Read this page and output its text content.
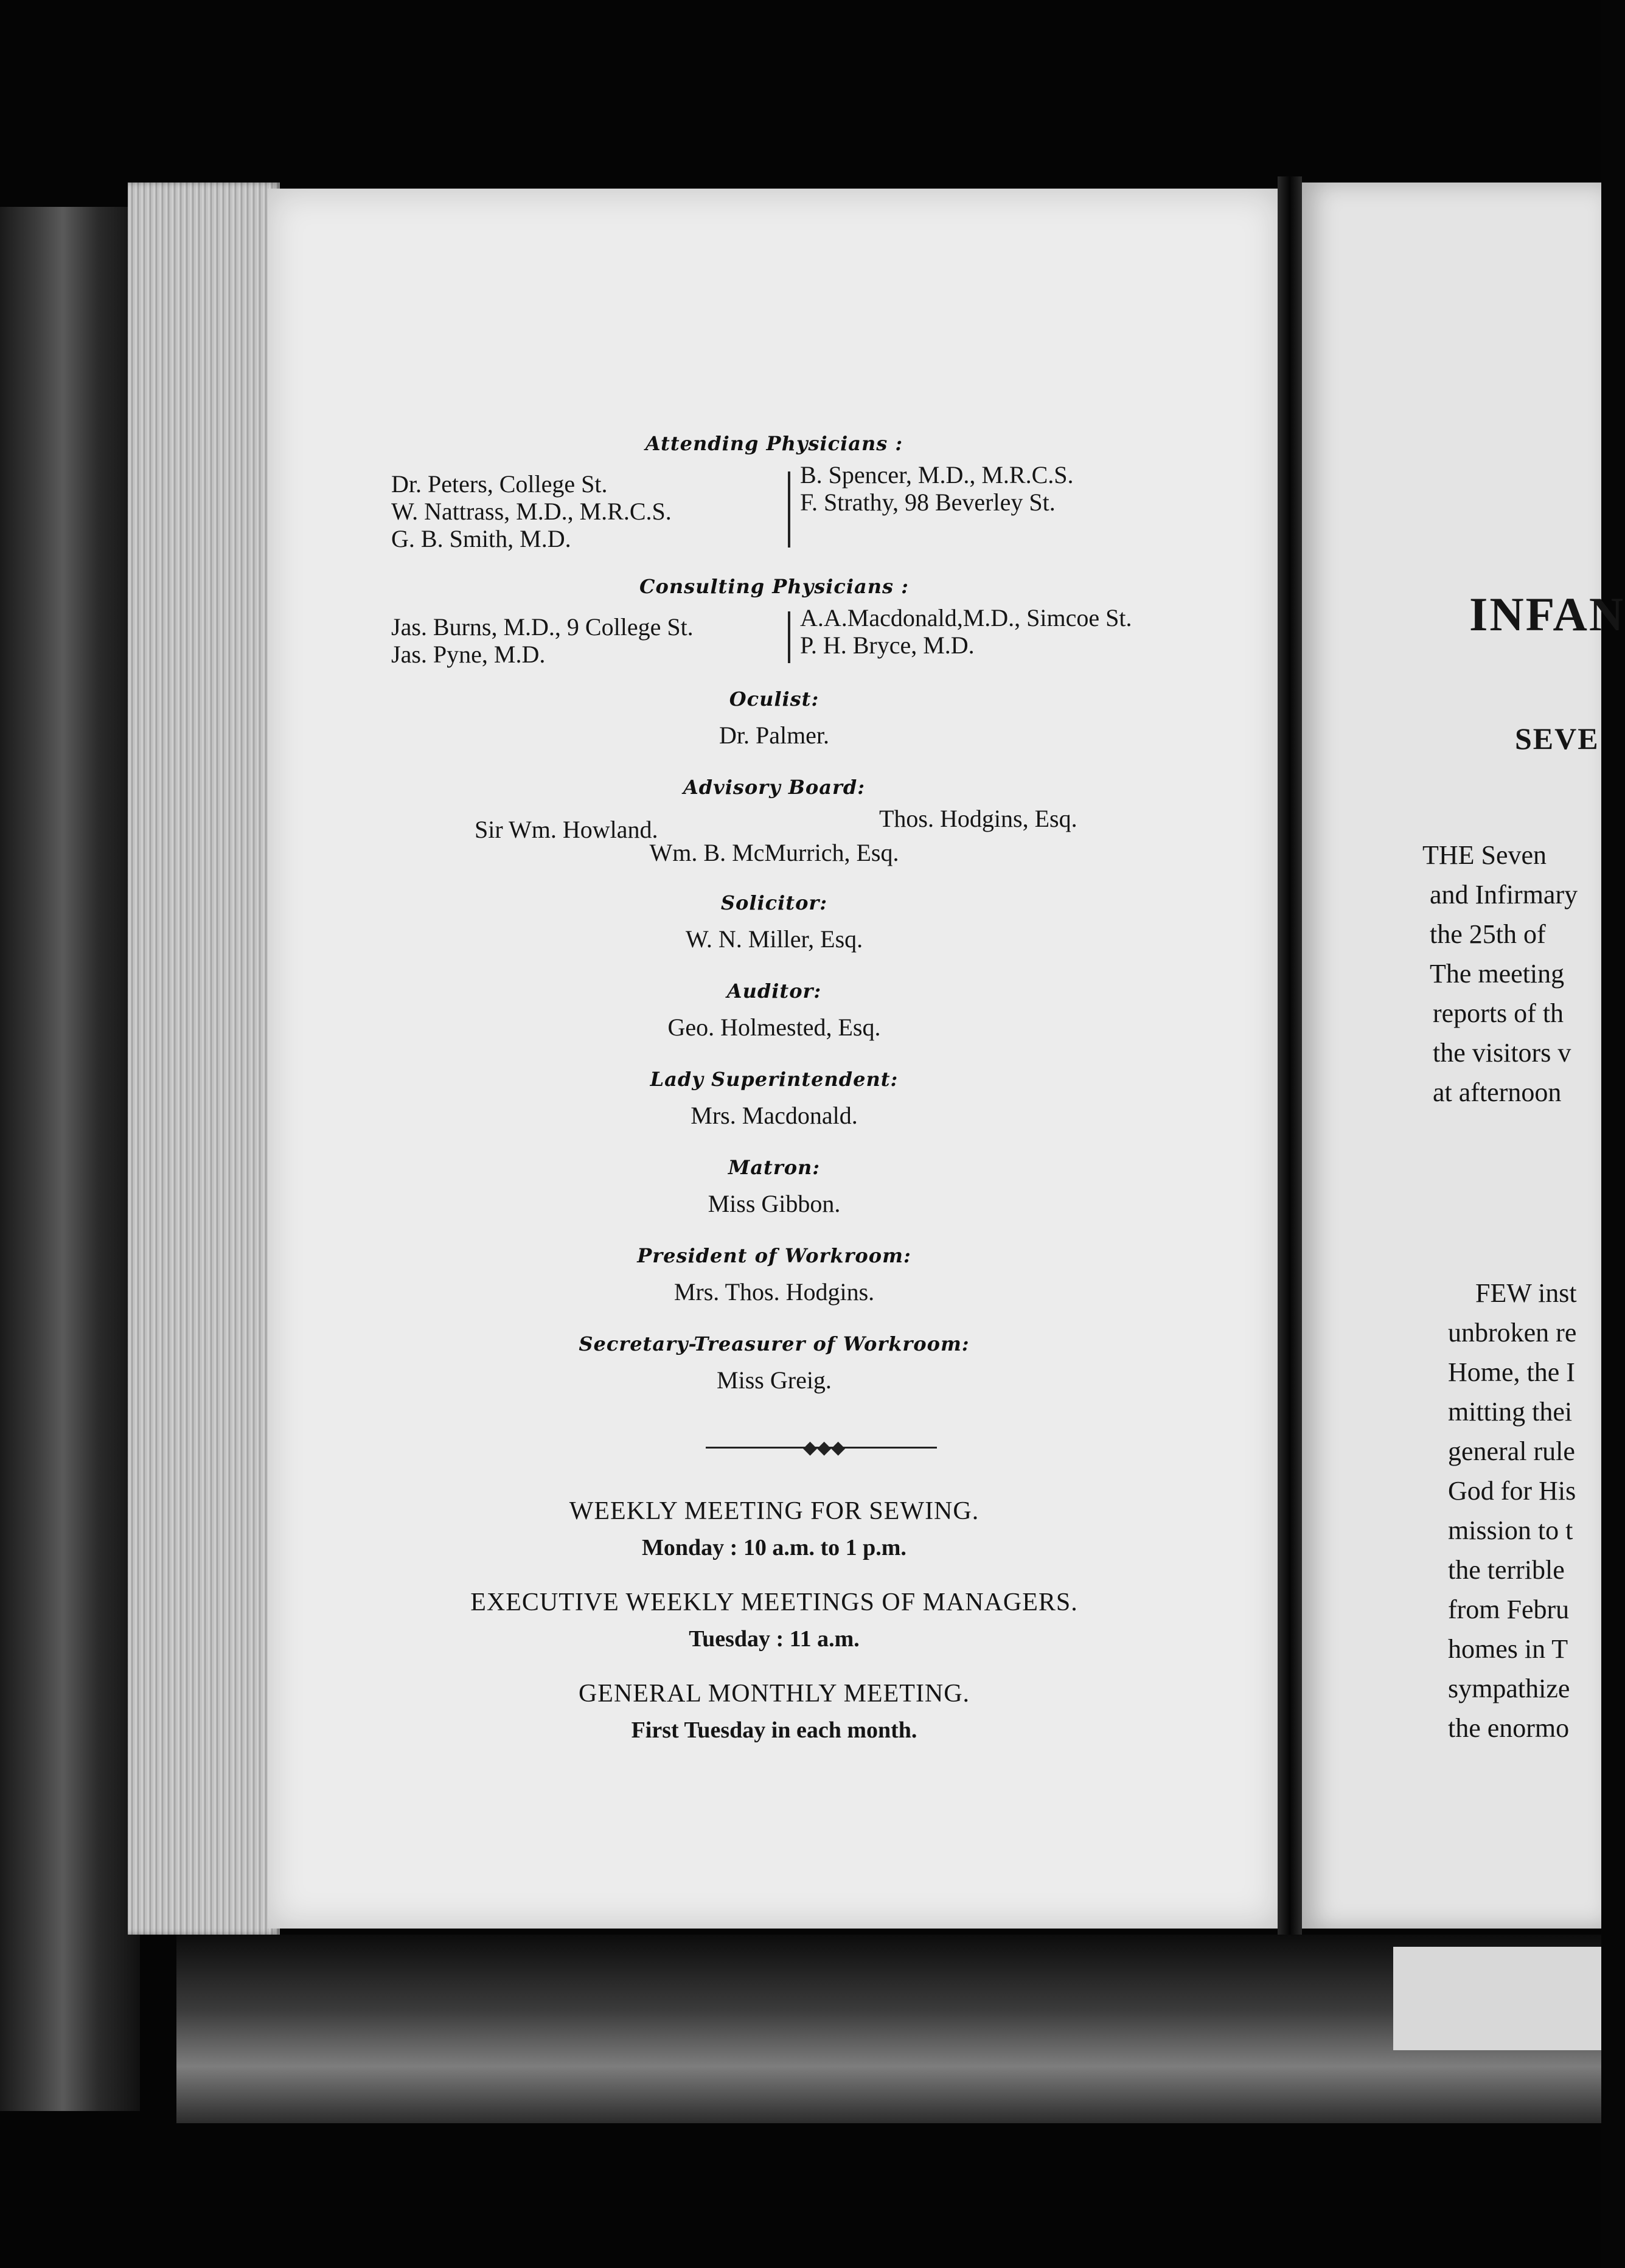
INFAN
SEVE
THE Seven
and Infirmary
the 25th of
The meeting
reports of th
the visitors v
at afternoon
FEW inst
unbroken re
Home, the I
mitting thei
general rule
God for His
mission to t
the terrible
from Febru
homes in T
sympathize
the enormo
Attending Physicians :
Dr. Peters, College St.
W. Nattrass, M.D., M.R.C.S.
G. B. Smith, M.D.
B. Spencer, M.D., M.R.C.S.
F. Strathy, 98 Beverley St.
Consulting Physicians :
Jas. Burns, M.D., 9 College St.
Jas. Pyne, M.D.
A.A.Macdonald,M.D., Simcoe St.
P. H. Bryce, M.D.
Oculist:
Dr. Palmer.
Advisory Board:
Sir Wm. Howland.	Thos. Hodgins, Esq.
Wm. B. McMurrich, Esq.
Solicitor:
W. N. Miller, Esq.
Auditor:
Geo. Holmested, Esq.
Lady Superintendent:
Mrs. Macdonald.
Matron:
Miss Gibbon.
President of Workroom:
Mrs. Thos. Hodgins.
Secretary-Treasurer of Workroom:
Miss Greig.
◆◆◆
WEEKLY MEETING FOR SEWING.
Monday : 10 a.m. to 1 p.m.
EXECUTIVE WEEKLY MEETINGS OF MANAGERS.
Tuesday : 11 a.m.
GENERAL MONTHLY MEETING.
First Tuesday in each month.
